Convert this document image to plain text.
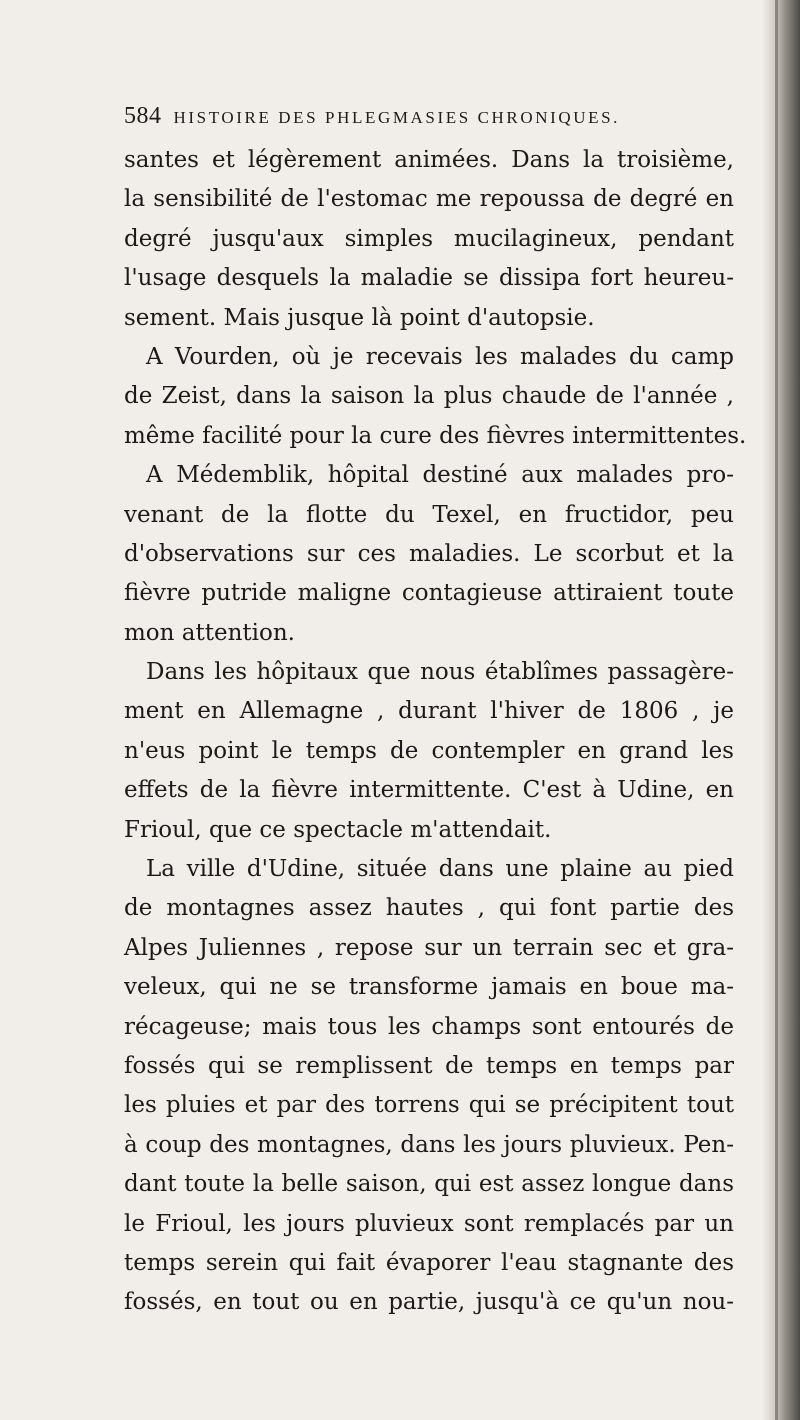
584 HISTOIRE DES PHLEGMASIES CHRONIQUES.
santes et légèrement animées. Dans la troisième,
la sensibilité de l'estomac me repoussa de degré en
degré jusqu'aux simples mucilagineux, pendant
l'usage desquels la maladie se dissipa fort heureu-
sement. Mais jusque là point d'autopsie.
A Vourden, où je recevais les malades du camp
de Zeist, dans la saison la plus chaude de l'année ,
même facilité pour la cure des fièvres intermittentes.
A Médemblik, hôpital destiné aux malades pro-
venant de la flotte du Texel, en fructidor, peu
d'observations sur ces maladies. Le scorbut et la
fièvre putride maligne contagieuse attiraient toute
mon attention.
Dans les hôpitaux que nous établîmes passagère-
ment en Allemagne , durant l'hiver de 1806 , je
n'eus point le temps de contempler en grand les
effets de la fièvre intermittente. C'est à Udine, en
Frioul, que ce spectacle m'attendait.
La ville d'Udine, située dans une plaine au pied
de montagnes assez hautes , qui font partie des
Alpes Juliennes , repose sur un terrain sec et gra-
veleux, qui ne se transforme jamais en boue ma-
récageuse; mais tous les champs sont entourés de
fossés qui se remplissent de temps en temps par
les pluies et par des torrens qui se précipitent tout
à coup des montagnes, dans les jours pluvieux. Pen-
dant toute la belle saison, qui est assez longue dans
le Frioul, les jours pluvieux sont remplacés par un
temps serein qui fait évaporer l'eau stagnante des
fossés, en tout ou en partie, jusqu'à ce qu'un nou-
